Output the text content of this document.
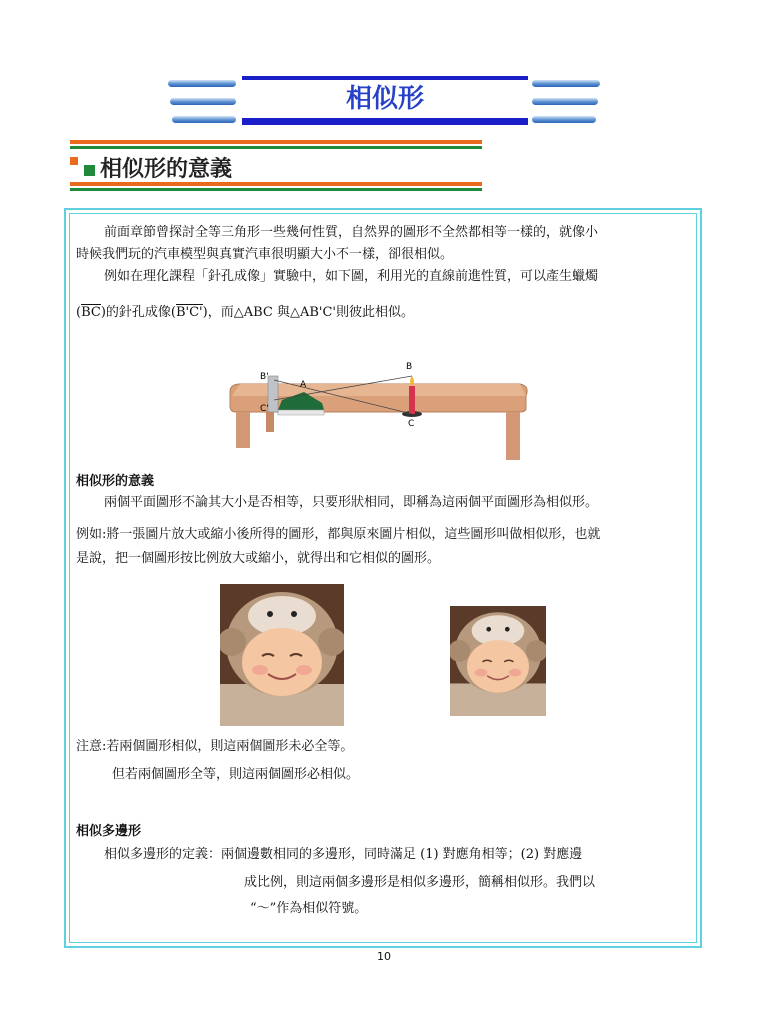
相似形
相似形的意義

前面章節曾探討全等三角形一些幾何性質，自然界的圖形不全然都相等一樣的，就像小

時候我們玩的汽車模型與真實汽車很明顯大小不一樣，卻很相似。

例如在理化課程「針孔成像」實驗中，如下圖，利用光的直線前進性質，可以產生蠟燭

(BC)的針孔成像(B'C')，而△ABC 與△AB'C'則彼此相似。

B
B'
A
C'
C

相似形的意義

兩個平面圖形不論其大小是否相等，只要形狀相同，即稱為這兩個平面圖形為相似形。

例如:將一張圖片放大或縮小後所得的圖形，都與原來圖片相似，這些圖形叫做相似形，也就

是說，把一個圖形按比例放大或縮小，就得出和它相似的圖形。

注意:若兩個圖形相似，則這兩個圖形未必全等。

但若兩個圖形全等，則這兩個圖形必相似。

相似多邊形

相似多邊形的定義：兩個邊數相同的多邊形，同時滿足 (1) 對應角相等；(2) 對應邊

成比例，則這兩個多邊形是相似多邊形，簡稱相似形。我們以

“～”作為相似符號。

10
